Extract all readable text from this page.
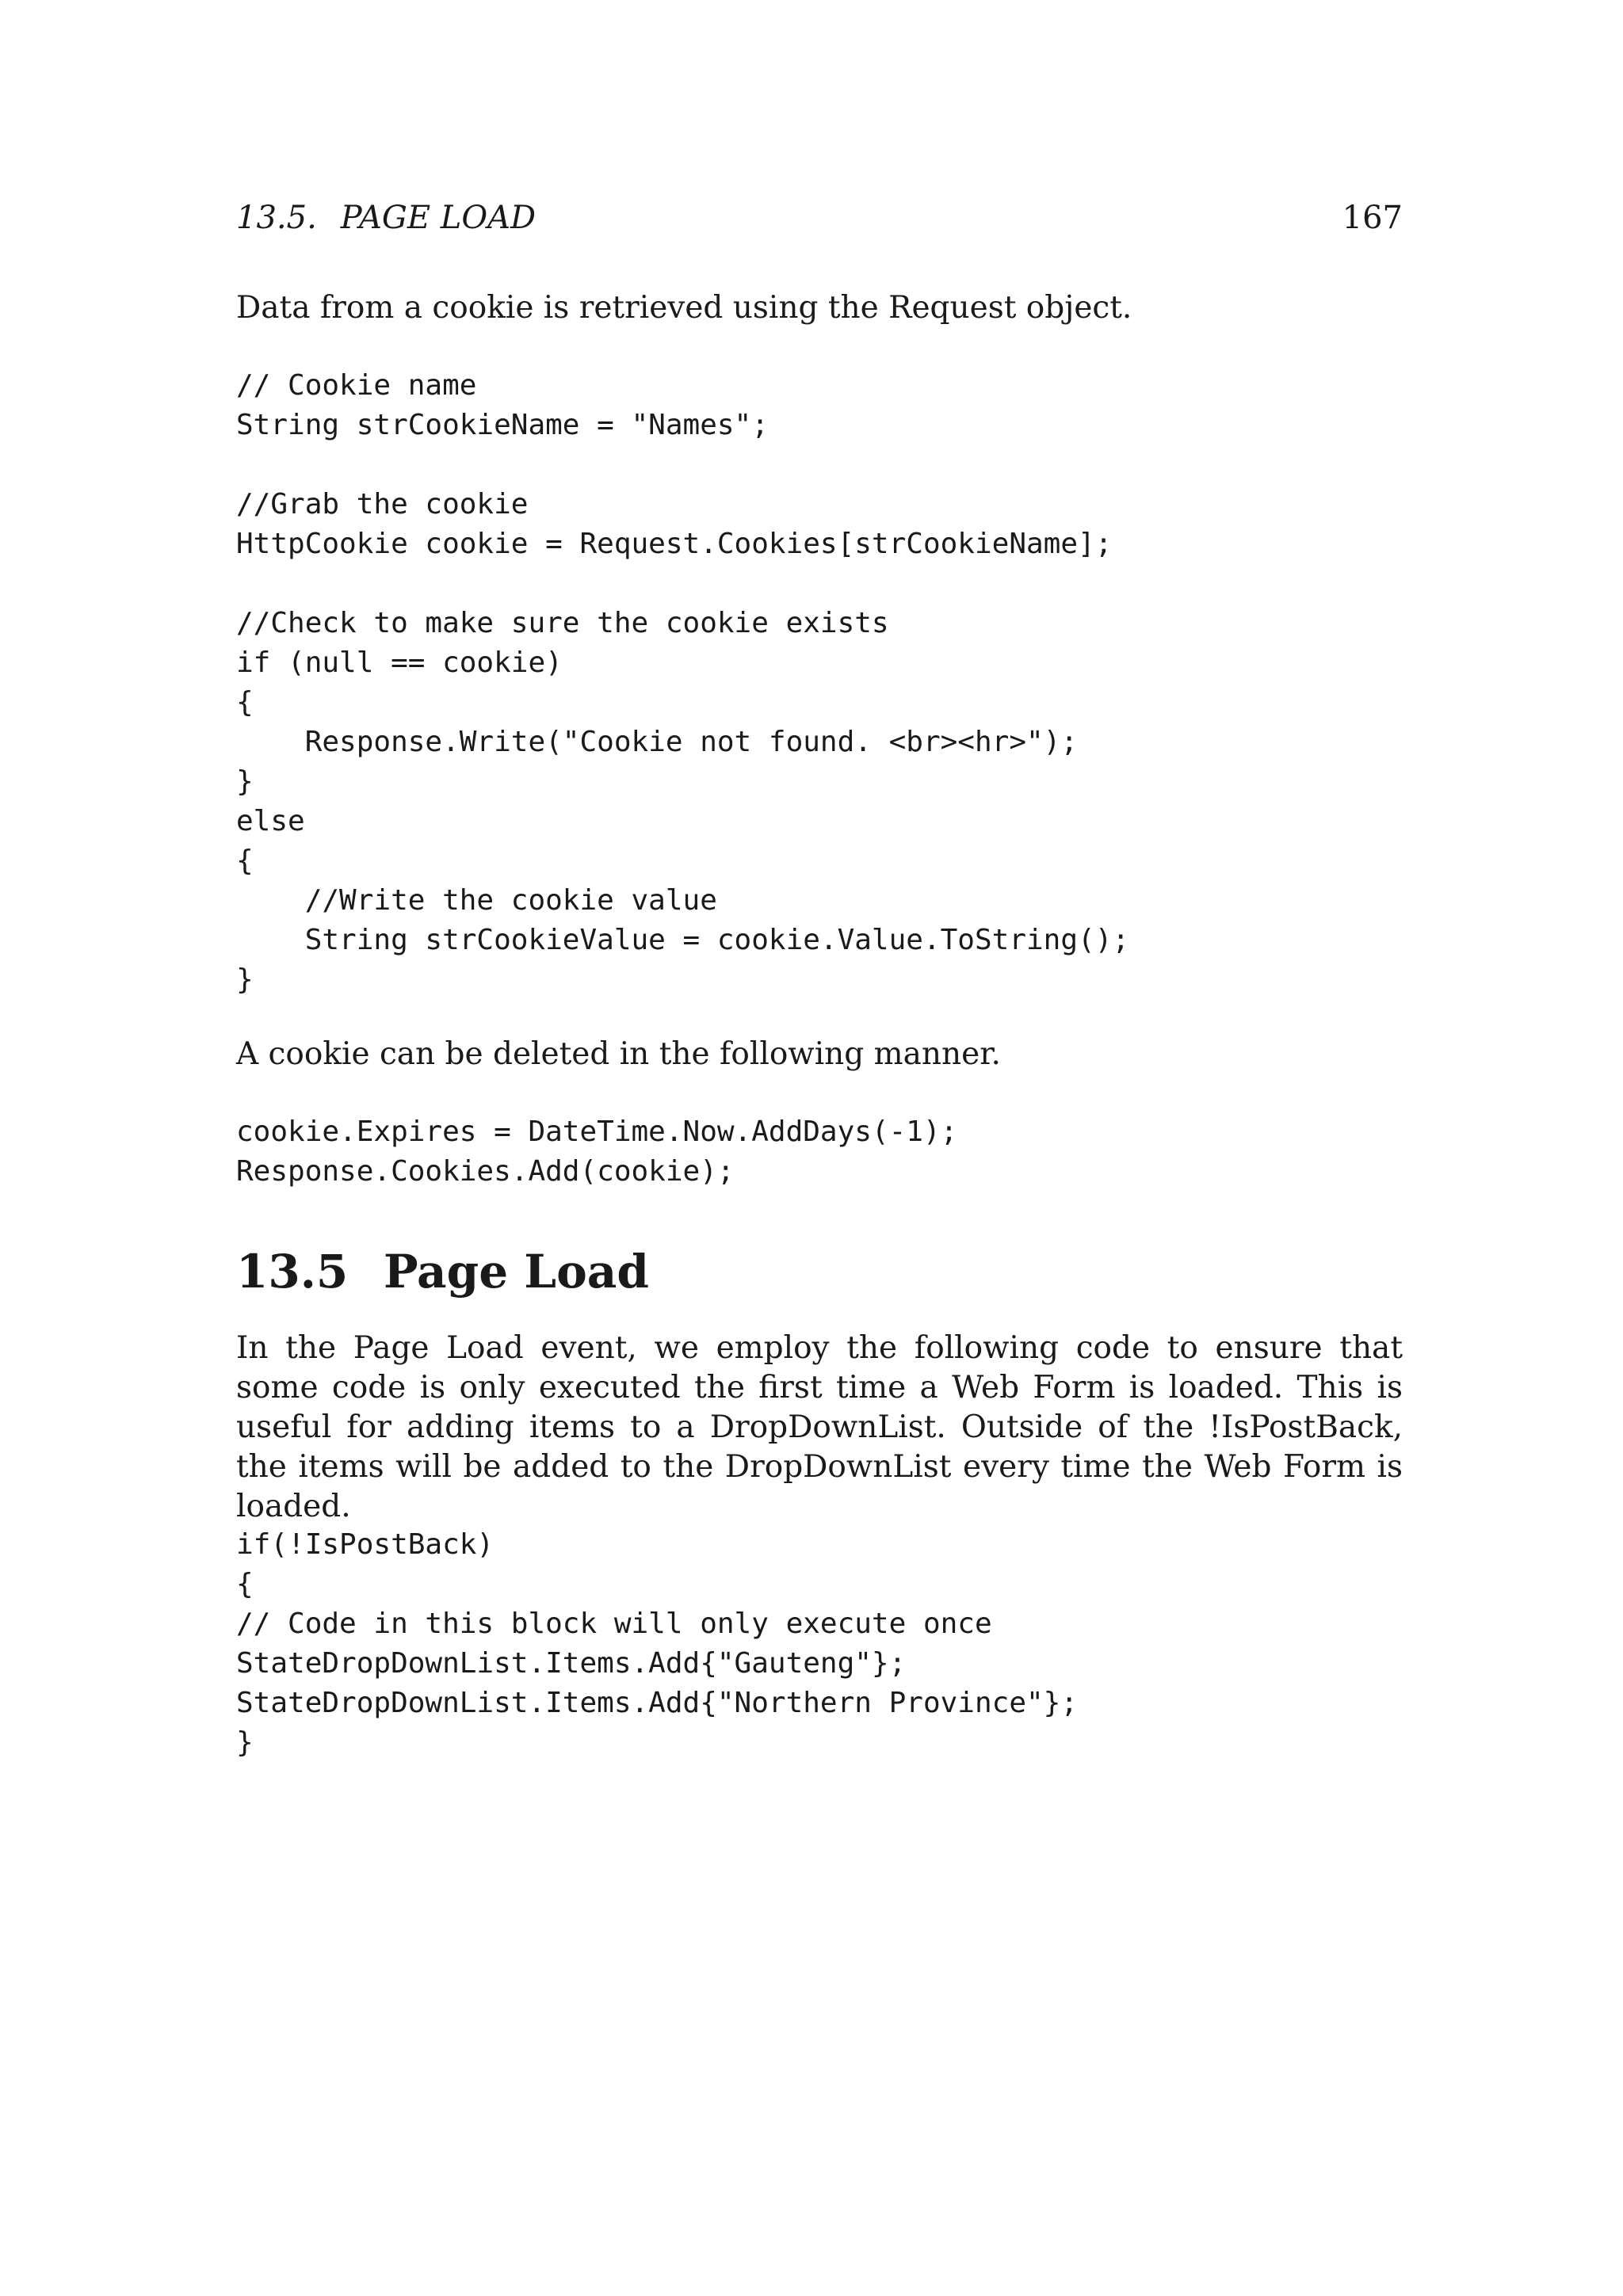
13.5. PAGE LOAD	167

Data from a cookie is retrieved using the Request object.

// Cookie name
String strCookieName = "Names";

//Grab the cookie
HttpCookie cookie = Request.Cookies[strCookieName];

//Check to make sure the cookie exists
if (null == cookie)
{
Response.Write("Cookie not found. <br><hr>");
}
else
{
//Write the cookie value
String strCookieValue = cookie.Value.ToString();
}

A cookie can be deleted in the following manner.

cookie.Expires = DateTime.Now.AddDays(-1);
Response.Cookies.Add(cookie);
13.5 Page Load

In the Page Load event, we employ the following code to ensure that some code is only executed the first time a Web Form is loaded. This is useful for adding items to a DropDownList. Outside of the !IsPostBack, the items will be added to the DropDownList every time the Web Form is loaded.

if(!IsPostBack)
{
// Code in this block will only execute once
StateDropDownList.Items.Add{"Gauteng"};
StateDropDownList.Items.Add{"Northern Province"};
}
